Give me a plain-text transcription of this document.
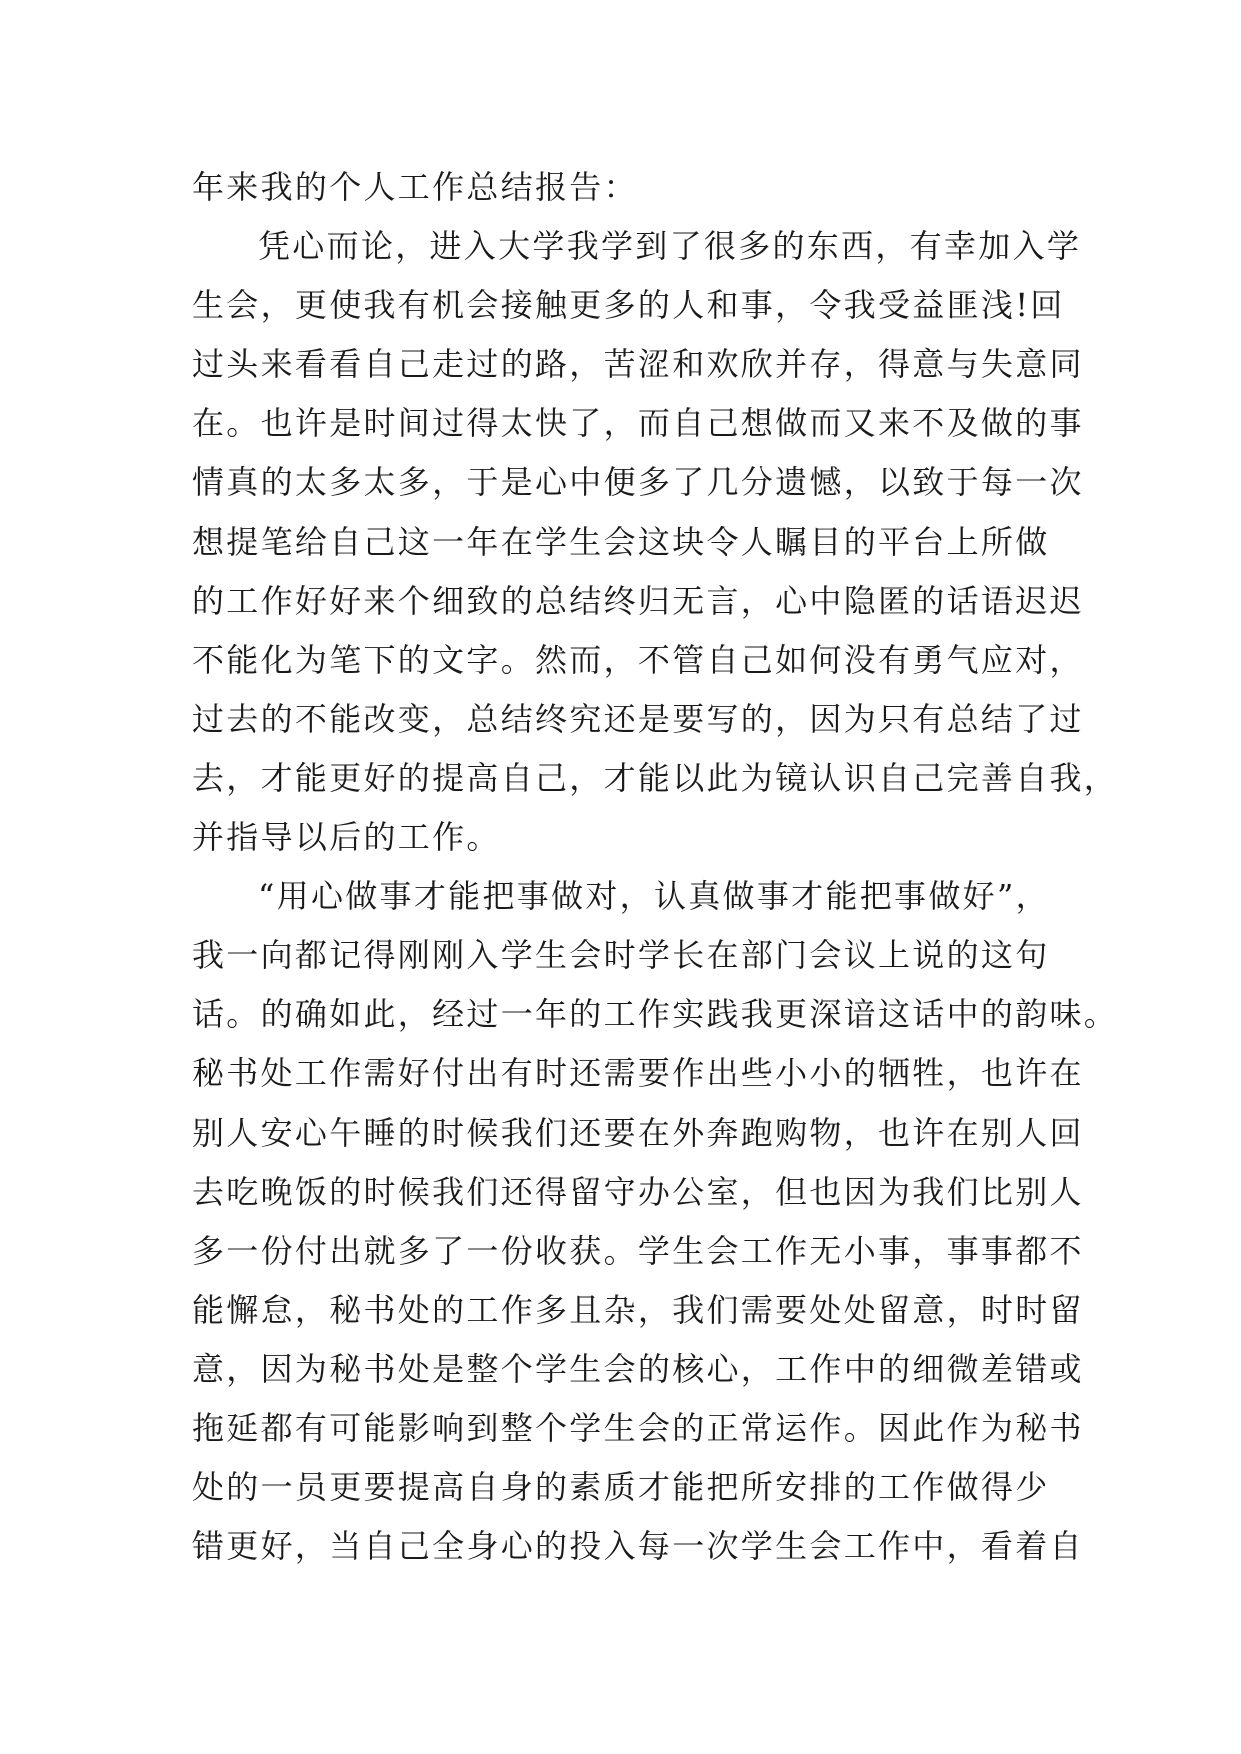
年来我的个人工作总结报告：
凭心而论，进入大学我学到了很多的东西，有幸加入学
生会，更使我有机会接触更多的人和事，令我受益匪浅!回
过头来看看自己走过的路，苦涩和欢欣并存，得意与失意同
在。也许是时间过得太快了，而自己想做而又来不及做的事
情真的太多太多，于是心中便多了几分遗憾，以致于每一次
想提笔给自己这一年在学生会这块令人瞩目的平台上所做
的工作好好来个细致的总结终归无言，心中隐匿的话语迟迟
不能化为笔下的文字。然而，不管自己如何没有勇气应对，
过去的不能改变，总结终究还是要写的，因为只有总结了过
去，才能更好的提高自己，才能以此为镜认识自己完善自我，
并指导以后的工作。
“用心做事才能把事做对，认真做事才能把事做好”，
我一向都记得刚刚入学生会时学长在部门会议上说的这句
话。的确如此，经过一年的工作实践我更深谙这话中的韵味。
秘书处工作需好付出有时还需要作出些小小的牺牲，也许在
别人安心午睡的时候我们还要在外奔跑购物，也许在别人回
去吃晚饭的时候我们还得留守办公室，但也因为我们比别人
多一份付出就多了一份收获。学生会工作无小事，事事都不
能懈怠，秘书处的工作多且杂，我们需要处处留意，时时留
意，因为秘书处是整个学生会的核心，工作中的细微差错或
拖延都有可能影响到整个学生会的正常运作。因此作为秘书
处的一员更要提高自身的素质才能把所安排的工作做得少
错更好，当自己全身心的投入每一次学生会工作中，看着自
